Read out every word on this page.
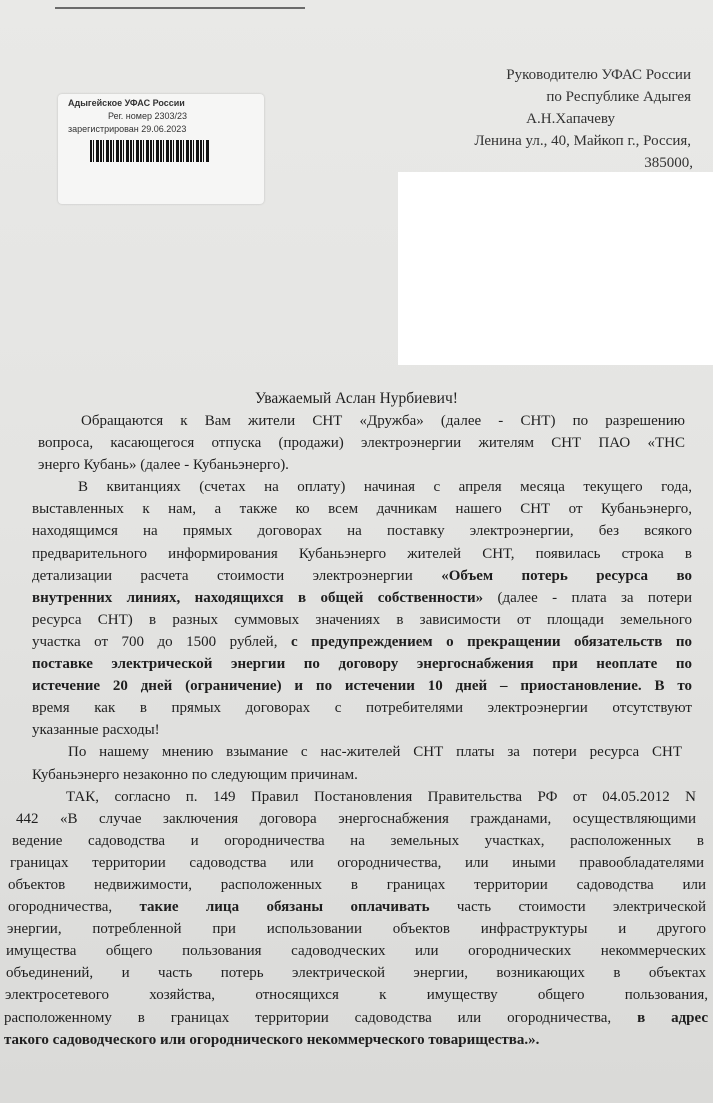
Адыгейское УФАС России
Рег. номер 2303/23
зарегистрирован 29.06.2023
Руководителю УФАС России
по Республике Адыгея
А.Н.Хапачеву
Ленина ул., 40, Майкоп г., Россия,
385000,
Уважаемый Аслан Нурбиевич!
Обращаются к Вам жители СНТ «Дружба» (далее - СНТ) по разрешению
вопроса, касающегося отпуска (продажи) электроэнергии жителям СНТ ПАО «ТНС
энерго Кубань» (далее - Кубаньэнерго).
В квитанциях (счетах на оплату) начиная с апреля месяца текущего года,
выставленных к нам, а также ко всем дачникам нашего СНТ от Кубаньэнерго,
находящимся на прямых договорах на поставку электроэнергии, без всякого
предварительного информирования Кубаньэнерго жителей СНТ, появилась строка в
детализации расчета стоимости электроэнергии «Объем потерь ресурса во
внутренних линиях, находящихся в общей собственности» (далее - плата за потери
ресурса СНТ) в разных суммовых значениях в зависимости от площади земельного
участка от 700 до 1500 рублей, с предупреждением о прекращении обязательств по
поставке электрической энергии по договору энергоснабжения при неоплате по
истечение 20 дней (ограничение) и по истечении 10 дней – приостановление. В то
время как в прямых договорах с потребителями электроэнергии отсутствуют
указанные расходы!
По нашему мнению взымание с нас-жителей СНТ платы за потери ресурса СНТ
Кубаньэнерго незаконно по следующим причинам.
ТАК, согласно п. 149 Правил Постановления Правительства РФ от 04.05.2012 N
442 «В случае заключения договора энергоснабжения гражданами, осуществляющими
ведение садоводства и огородничества на земельных участках, расположенных в
границах территории садоводства или огородничества, или иными правообладателями
объектов недвижимости, расположенных в границах территории садоводства или
огородничества, такие лица обязаны оплачивать часть стоимости электрической
энергии, потребленной при использовании объектов инфраструктуры и другого
имущества общего пользования садоводческих или огороднических некоммерческих
объединений, и часть потерь электрической энергии, возникающих в объектах
электросетевого хозяйства, относящихся к имуществу общего пользования,
расположенному в границах территории садоводства или огородничества, в адрес
такого садоводческого или огороднического некоммерческого товарищества.».
